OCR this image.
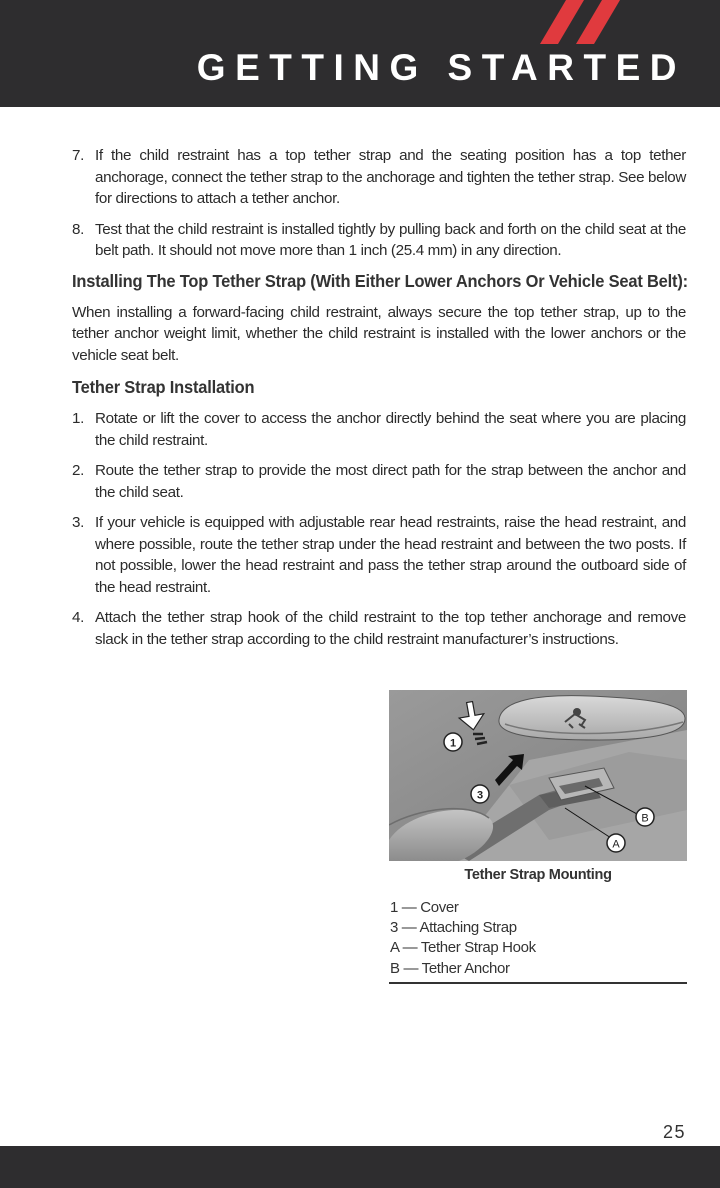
GETTING STARTED
7. If the child restraint has a top tether strap and the seating position has a top tether anchorage, connect the tether strap to the anchorage and tighten the tether strap. See below for directions to attach a tether anchor.
8. Test that the child restraint is installed tightly by pulling back and forth on the child seat at the belt path. It should not move more than 1 inch (25.4 mm) in any direction.
Installing The Top Tether Strap (With Either Lower Anchors Or Vehicle Seat Belt):
When installing a forward-facing child restraint, always secure the top tether strap, up to the tether anchor weight limit, whether the child restraint is installed with the lower anchors or the vehicle seat belt.
Tether Strap Installation
1. Rotate or lift the cover to access the anchor directly behind the seat where you are placing the child restraint.
2. Route the tether strap to provide the most direct path for the strap between the anchor and the child seat.
3. If your vehicle is equipped with adjustable rear head restraints, raise the head restraint, and where possible, route the tether strap under the head restraint and between the two posts. If not possible, lower the head restraint and pass the tether strap around the outboard side of the head restraint.
4. Attach the tether strap hook of the child restraint to the top tether anchorage and remove slack in the tether strap according to the child restraint manufacturer’s instructions.
1
3
B
A
Tether Strap Mounting
1 — Cover
3 — Attaching Strap
A — Tether Strap Hook
B — Tether Anchor
25
